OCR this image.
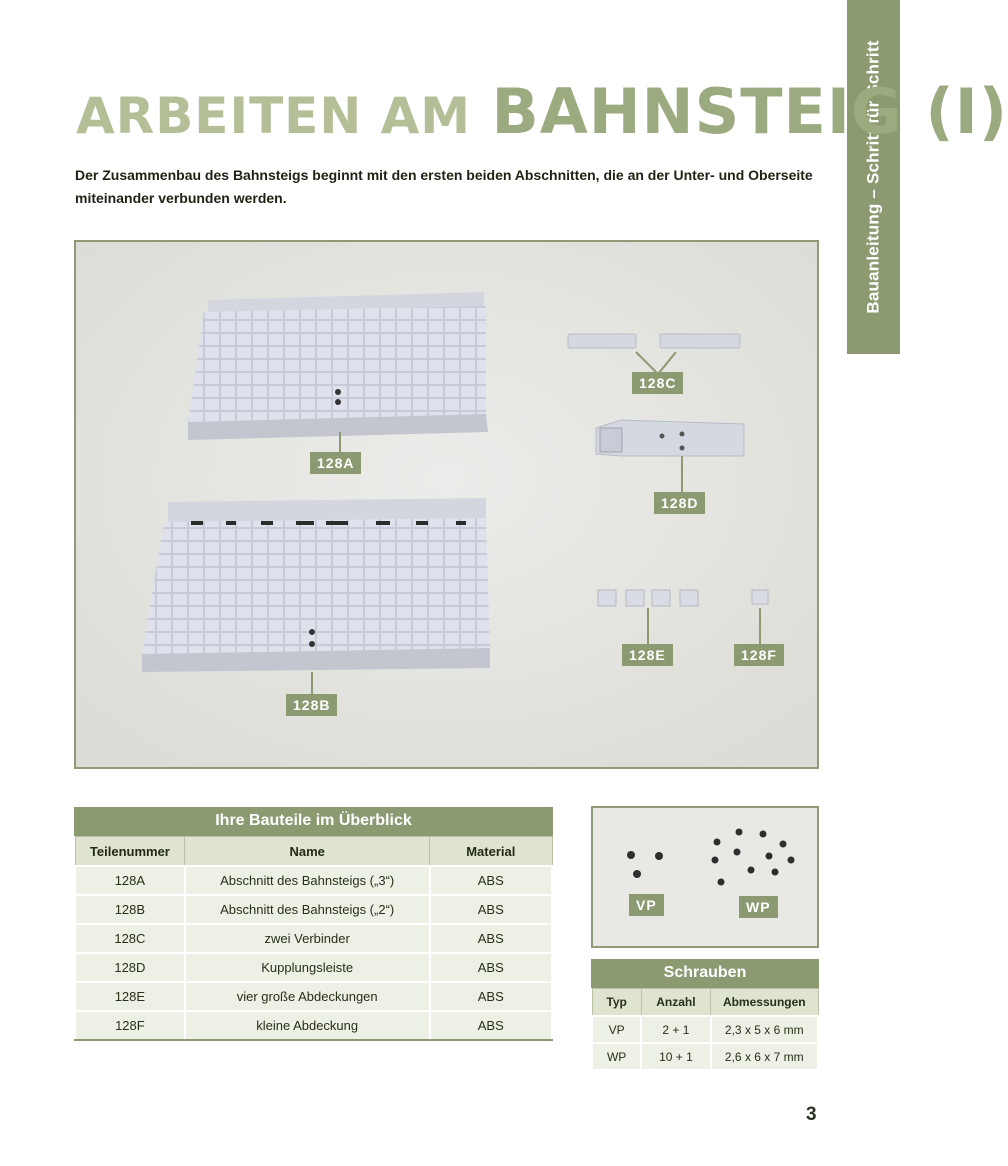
Bauanleitung – Schritt für Schritt
ARBEITEN AM BAHNSTEIG (I)

Der Zusammenbau des Bahnsteigs beginnt mit den ersten beiden Abschnitten, die an der Unter- und Oberseite miteinander verbunden werden.

128A
128B
128C
128D
128E	128F
Ihre Bauteile im Überblick
Teilenummer	Name	Material
128A	Abschnitt des Bahnsteigs („3“)	ABS
128B	Abschnitt des Bahnsteigs („2“)	ABS
128C	zwei Verbinder	ABS
128D	Kupplungsleiste	ABS
128E	vier große Abdeckungen	ABS
128F	kleine Abdeckung	ABS
VP	WP
Schrauben
Typ	Anzahl	Abmessungen
VP	2 + 1	2,3 x 5 x 6 mm
WP	10 + 1	2,6 x 6 x 7 mm
3
